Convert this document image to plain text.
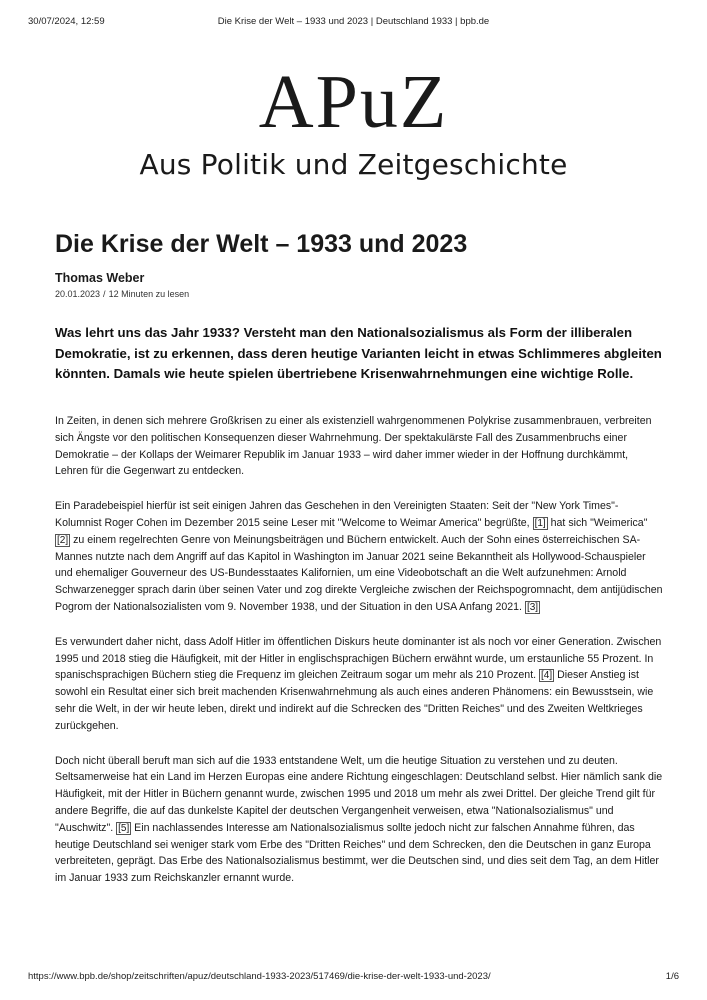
30/07/2024, 12:59	Die Krise der Welt – 1933 und 2023 | Deutschland 1933 | bpb.de
APuZ
Aus Politik und Zeitgeschichte
Die Krise der Welt – 1933 und 2023
Thomas Weber
20.01.2023 / 12 Minuten zu lesen

Was lehrt uns das Jahr 1933? Versteht man den Nationalsozialismus als Form der illiberalen Demokratie, ist zu erkennen, dass deren heutige Varianten leicht in etwas Schlimmeres abgleiten könnten. Damals wie heute spielen übertriebene Krisenwahrnehmungen eine wichtige Rolle.

In Zeiten, in denen sich mehrere Großkrisen zu einer als existenziell wahrgenommenen Polykrise zusammenbrauen, verbreiten sich Ängste vor den politischen Konsequenzen dieser Wahrnehmung. Der spektakulärste Fall des Zusammenbruchs einer Demokratie – der Kollaps der Weimarer Republik im Januar 1933 – wird daher immer wieder in der Hoffnung durchkämmt, Lehren für die Gegenwart zu entdecken.

Ein Paradebeispiel hierfür ist seit einigen Jahren das Geschehen in den Vereinigten Staaten: Seit der "New York Times"-Kolumnist Roger Cohen im Dezember 2015 seine Leser mit "Welcome to Weimar America" begrüßte, [1] hat sich "Weimerica" [2] zu einem regelrechten Genre von Meinungsbeiträgen und Büchern entwickelt. Auch der Sohn eines österreichischen SA-Mannes nutzte nach dem Angriff auf das Kapitol in Washington im Januar 2021 seine Bekanntheit als Hollywood-Schauspieler und ehemaliger Gouverneur des US-Bundesstaates Kalifornien, um eine Videobotschaft an die Welt aufzunehmen: Arnold Schwarzenegger sprach darin über seinen Vater und zog direkte Vergleiche zwischen der Reichspogromnacht, dem antijüdischen Pogrom der Nationalsozialisten vom 9. November 1938, und der Situation in den USA Anfang 2021. [3]

Es verwundert daher nicht, dass Adolf Hitler im öffentlichen Diskurs heute dominanter ist als noch vor einer Generation. Zwischen 1995 und 2018 stieg die Häufigkeit, mit der Hitler in englischsprachigen Büchern erwähnt wurde, um erstaunliche 55 Prozent. In spanischsprachigen Büchern stieg die Frequenz im gleichen Zeitraum sogar um mehr als 210 Prozent. [4] Dieser Anstieg ist sowohl ein Resultat einer sich breit machenden Krisenwahrnehmung als auch eines anderen Phänomens: ein Bewusstsein, wie sehr die Welt, in der wir heute leben, direkt und indirekt auf die Schrecken des "Dritten Reiches" und des Zweiten Weltkrieges zurückgehen.

Doch nicht überall beruft man sich auf die 1933 entstandene Welt, um die heutige Situation zu verstehen und zu deuten. Seltsamerweise hat ein Land im Herzen Europas eine andere Richtung eingeschlagen: Deutschland selbst. Hier nämlich sank die Häufigkeit, mit der Hitler in Büchern genannt wurde, zwischen 1995 und 2018 um mehr als zwei Drittel. Der gleiche Trend gilt für andere Begriffe, die auf das dunkelste Kapitel der deutschen Vergangenheit verweisen, etwa "Nationalsozialismus" und "Auschwitz". [5] Ein nachlassendes Interesse am Nationalsozialismus sollte jedoch nicht zur falschen Annahme führen, das heutige Deutschland sei weniger stark vom Erbe des "Dritten Reiches" und dem Schrecken, den die Deutschen in ganz Europa verbreiteten, geprägt. Das Erbe des Nationalsozialismus bestimmt, wer die Deutschen sind, und dies seit dem Tag, an dem Hitler im Januar 1933 zum Reichskanzler ernannt wurde.

https://www.bpb.de/shop/zeitschriften/apuz/deutschland-1933-2023/517469/die-krise-der-welt-1933-und-2023/	1/6
